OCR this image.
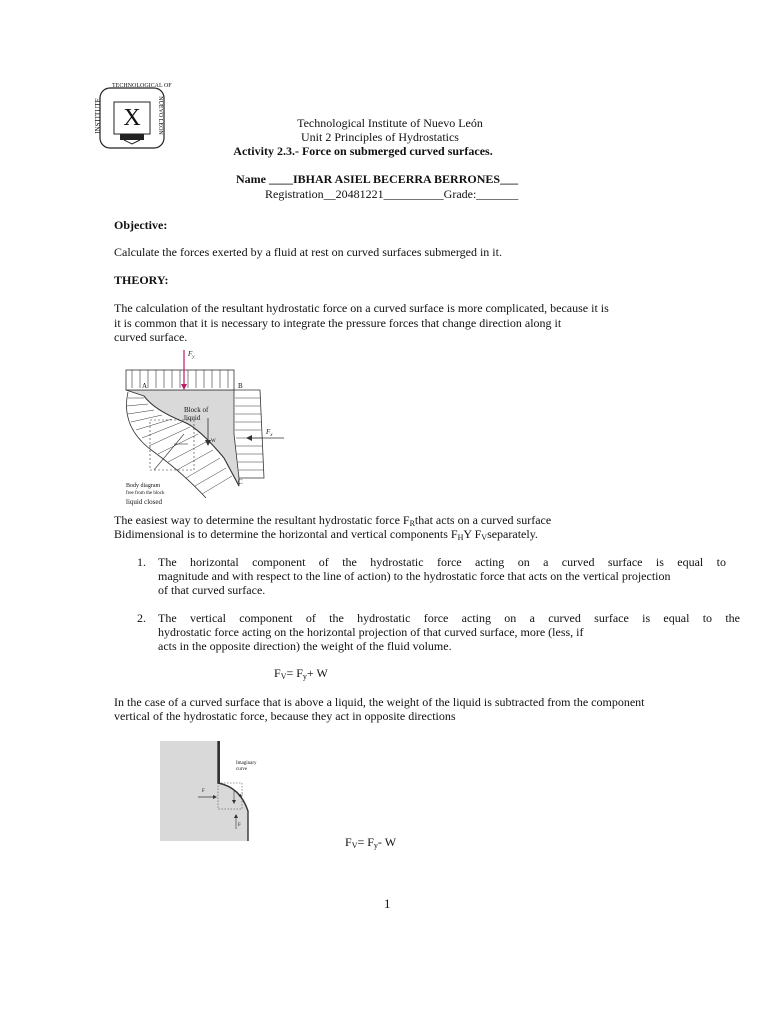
X
TECHNOLOGICAL OF
INSTITUTE	NUEVO LEÓN	Technological Institute of Nuevo León
Unit 2 Principles of Hydrostatics
Activity 2.3.- Force on submerged curved surfaces.
Name ____IBHAR ASIEL BECERRA BERRONES___
Registration__20481221__________Grade:_______
Objective:
Calculate the forces exerted by a fluid at rest on curved surfaces submerged in it.
THEORY:
The calculation of the resultant hydrostatic force on a curved surface is more complicated, because it is
it is common that it is necessary to integrate the pressure forces that change direction along it
curved surface.
$F_y$
A	B
C
Block of
liquid
W
$F_x$
Body diagram
free from the block
liquid closed
The easiest way to determine the resultant hydrostatic force $F_Rthat$ acts on a curved surface
Bidimensional is to determine the horizontal and vertical components $F_HY$ $F_Vseparately$.
1. The horizontal component of the hydrostatic force acting on a curved surface is equal to
magnitude and with respect to the line of action) to the hydrostatic force that acts on the vertical projection
of that curved surface.
2. The vertical component of the hydrostatic force acting on a curved surface is equal to the
hydrostatic force acting on the horizontal projection of that curved surface, more (less, if
acts in the opposite direction) the weight of the fluid volume.
$F_V= F_y+ W$
In the case of a curved surface that is above a liquid, the weight of the liquid is subtracted from the component
vertical of the hydrostatic force, because they act in opposite directions
Imaginary
curve
F
W
F
$F_V= F_y-$ W
1
